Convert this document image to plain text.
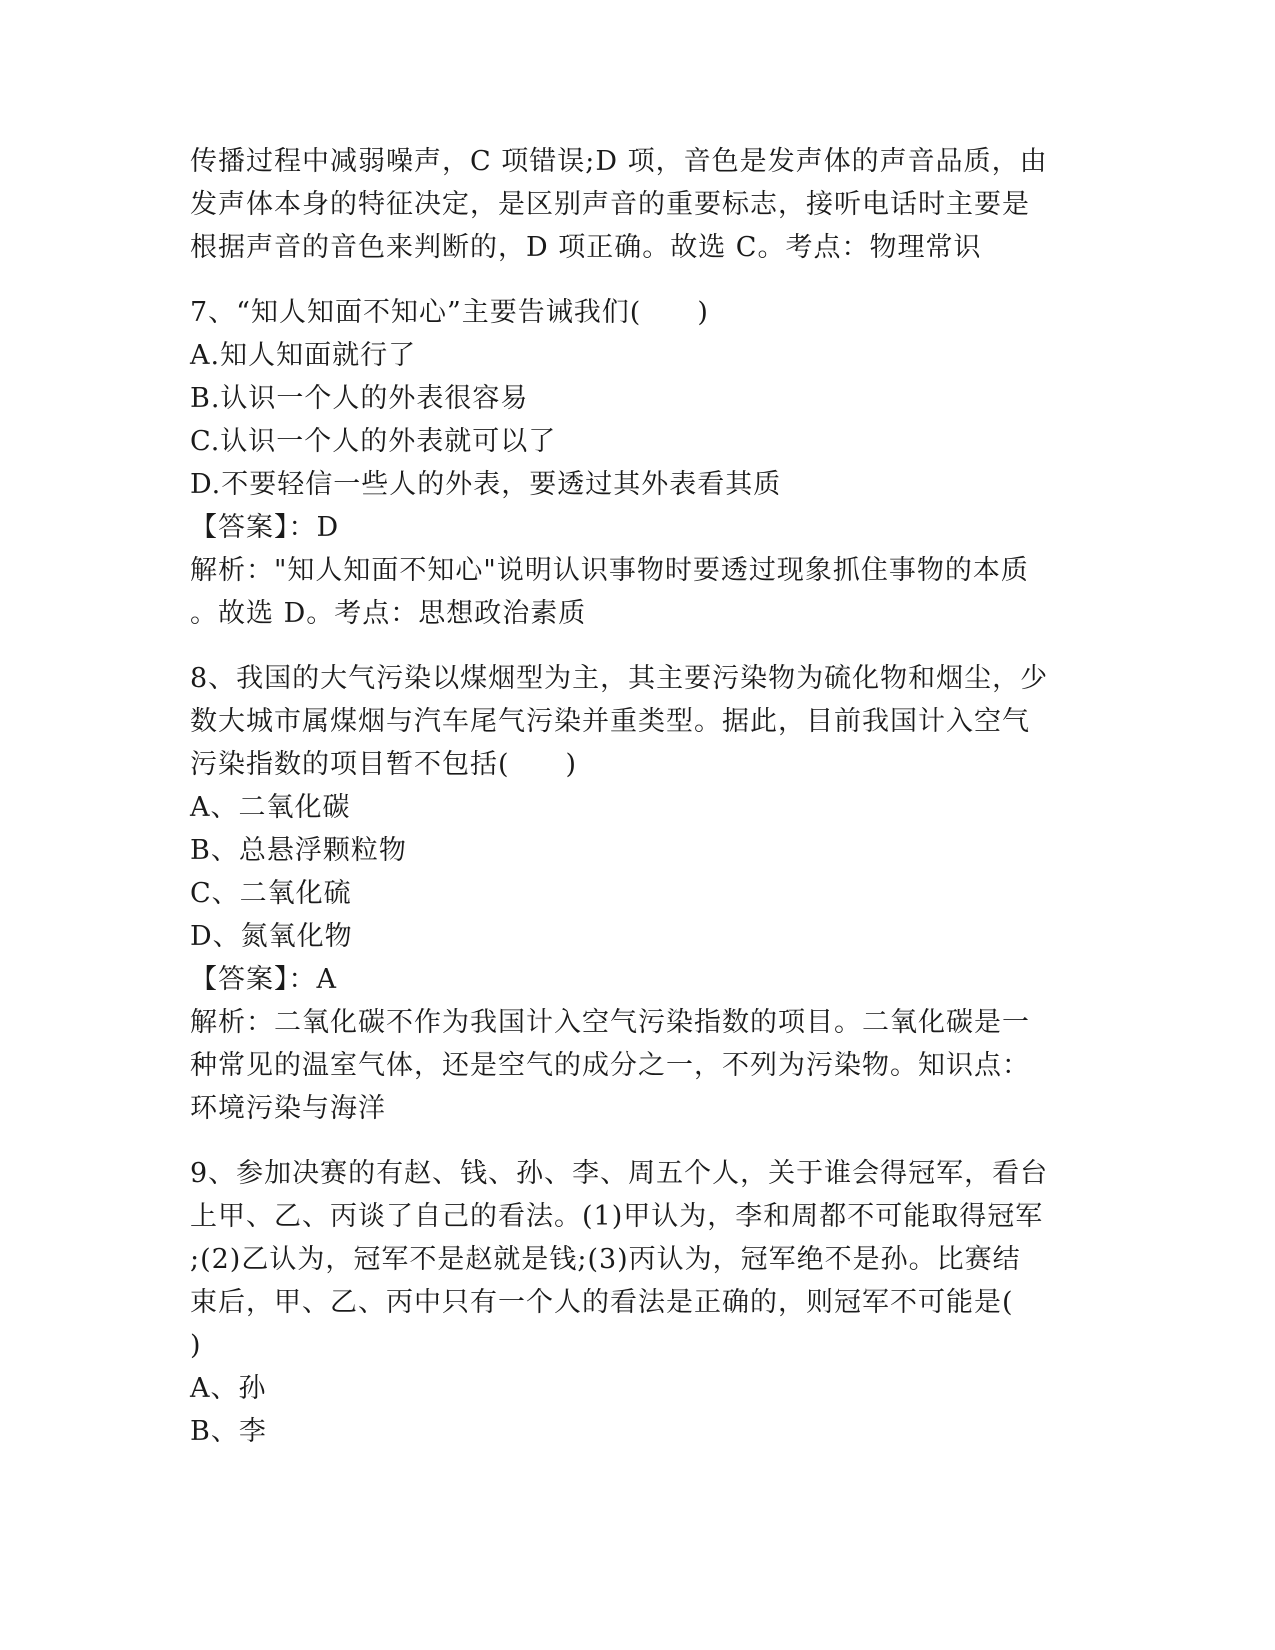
传播过程中减弱噪声，C 项错误;D 项，音色是发声体的声音品质，由
发声体本身的特征决定，是区别声音的重要标志，接听电话时主要是
根据声音的音色来判断的，D 项正确。故选 C。考点：物理常识
7、“知人知面不知心”主要告诫我们(　　)
A.知人知面就行了
B.认识一个人的外表很容易
C.认识一个人的外表就可以了
D.不要轻信一些人的外表，要透过其外表看其质
【答案】：D
解析："知人知面不知心"说明认识事物时要透过现象抓住事物的本质
。故选 D。考点：思想政治素质
8、我国的大气污染以煤烟型为主，其主要污染物为硫化物和烟尘，少
数大城市属煤烟与汽车尾气污染并重类型。据此，目前我国计入空气
污染指数的项目暂不包括(　　)
A、二氧化碳
B、总悬浮颗粒物
C、二氧化硫
D、氮氧化物
【答案】：A
解析：二氧化碳不作为我国计入空气污染指数的项目。二氧化碳是一
种常见的温室气体，还是空气的成分之一，不列为污染物。知识点：
环境污染与海洋
9、参加决赛的有赵、钱、孙、李、周五个人，关于谁会得冠军，看台
上甲、乙、丙谈了自己的看法。(1)甲认为，李和周都不可能取得冠军
;(2)乙认为，冠军不是赵就是钱;(3)丙认为，冠军绝不是孙。比赛结
束后，甲、乙、丙中只有一个人的看法是正确的，则冠军不可能是(
)
A、孙
B、李
